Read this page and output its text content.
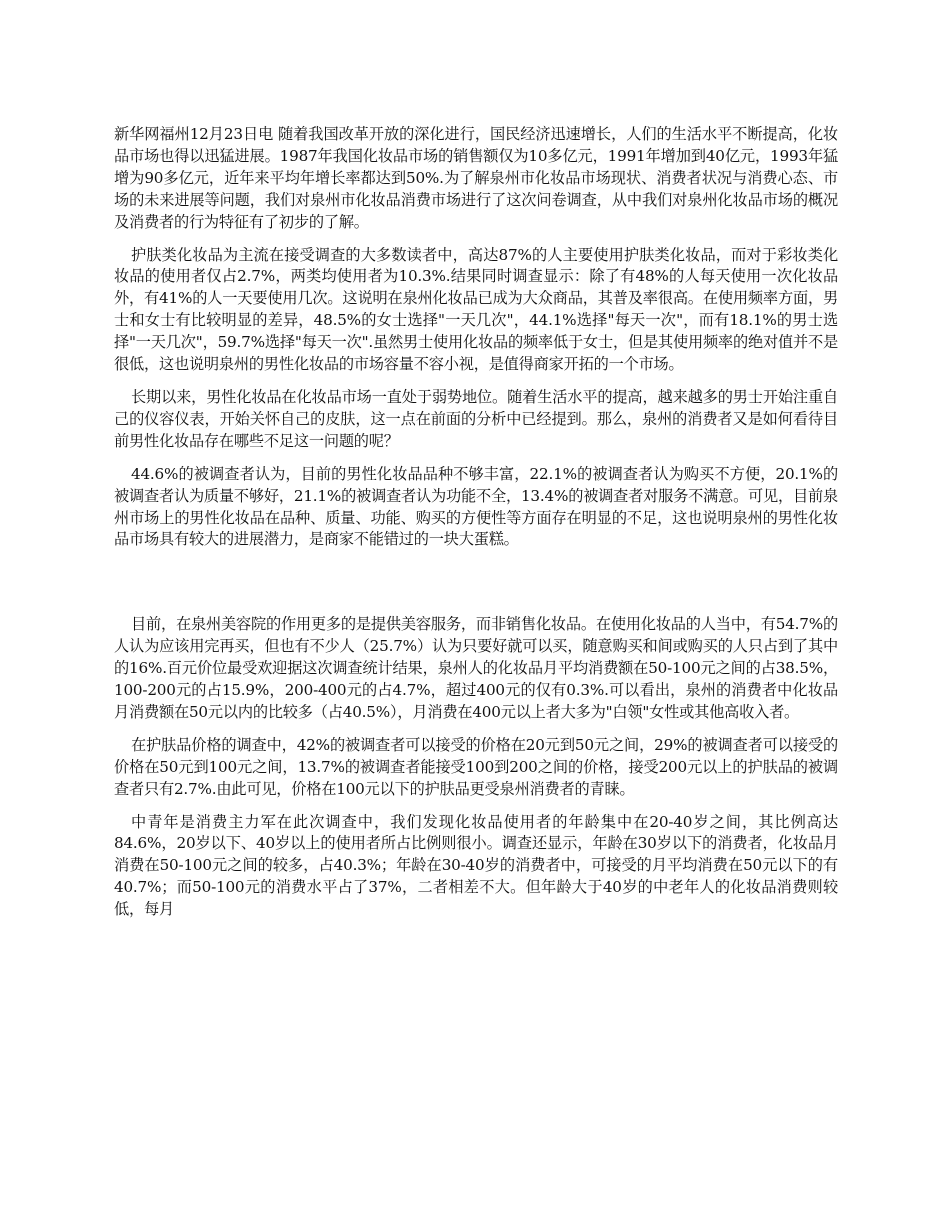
新华网福州12月23日电 随着我国改革开放的深化进行，国民经济迅速增长，人们的生活水平不断提高，化妆品市场也得以迅猛进展。1987年我国化妆品市场的销售额仅为10多亿元，1991年增加到40亿元，1993年猛增为90多亿元，近年来平均年增长率都达到50%.为了解泉州市化妆品市场现状、消费者状况与消费心态、市场的未来进展等问题，我们对泉州市化妆品消费市场进行了这次问卷调查，从中我们对泉州化妆品市场的概况及消费者的行为特征有了初步的了解。

护肤类化妆品为主流在接受调查的大多数读者中，高达87%的人主要使用护肤类化妆品，而对于彩妆类化妆品的使用者仅占2.7%，两类均使用者为10.3%.结果同时调查显示：除了有48%的人每天使用一次化妆品外，有41%的人一天要使用几次。这说明在泉州化妆品已成为大众商品，其普及率很高。在使用频率方面，男士和女士有比较明显的差异，48.5%的女士选择"一天几次"，44.1%选择"每天一次"，而有18.1%的男士选择"一天几次"，59.7%选择"每天一次".虽然男士使用化妆品的频率低于女士，但是其使用频率的绝对值并不是很低，这也说明泉州的男性化妆品的市场容量不容小视，是值得商家开拓的一个市场。

长期以来，男性化妆品在化妆品市场一直处于弱势地位。随着生活水平的提高，越来越多的男士开始注重自己的仪容仪表，开始关怀自己的皮肤，这一点在前面的分析中已经提到。那么，泉州的消费者又是如何看待目前男性化妆品存在哪些不足这一问题的呢？

44.6%的被调查者认为，目前的男性化妆品品种不够丰富，22.1%的被调查者认为购买不方便，20.1%的被调查者认为质量不够好，21.1%的被调查者认为功能不全，13.4%的被调查者对服务不满意。可见，目前泉州市场上的男性化妆品在品种、质量、功能、购买的方便性等方面存在明显的不足，这也说明泉州的男性化妆品市场具有较大的进展潜力，是商家不能错过的一块大蛋糕。

目前，在泉州美容院的作用更多的是提供美容服务，而非销售化妆品。在使用化妆品的人当中，有54.7%的人认为应该用完再买，但也有不少人（25.7%）认为只要好就可以买，随意购买和间或购买的人只占到了其中的16%.百元价位最受欢迎据这次调查统计结果，泉州人的化妆品月平均消费额在50-100元之间的占38.5%，100-200元的占15.9%，200-400元的占4.7%，超过400元的仅有0.3%.可以看出，泉州的消费者中化妆品月消费额在50元以内的比较多（占40.5%），月消费在400元以上者大多为"白领"女性或其他高收入者。

在护肤品价格的调查中，42%的被调查者可以接受的价格在20元到50元之间，29%的被调查者可以接受的价格在50元到100元之间，13.7%的被调查者能接受100到200之间的价格，接受200元以上的护肤品的被调查者只有2.7%.由此可见，价格在100元以下的护肤品更受泉州消费者的青睐。

中青年是消费主力军在此次调查中，我们发现化妆品使用者的年龄集中在20-40岁之间，其比例高达84.6%，20岁以下、40岁以上的使用者所占比例则很小。调查还显示，年龄在30岁以下的消费者，化妆品月消费在50-100元之间的较多，占40.3%；年龄在30-40岁的消费者中，可接受的月平均消费在50元以下的有40.7%；而50-100元的消费水平占了37%，二者相差不大。但年龄大于40岁的中老年人的化妆品消费则较低，每月
